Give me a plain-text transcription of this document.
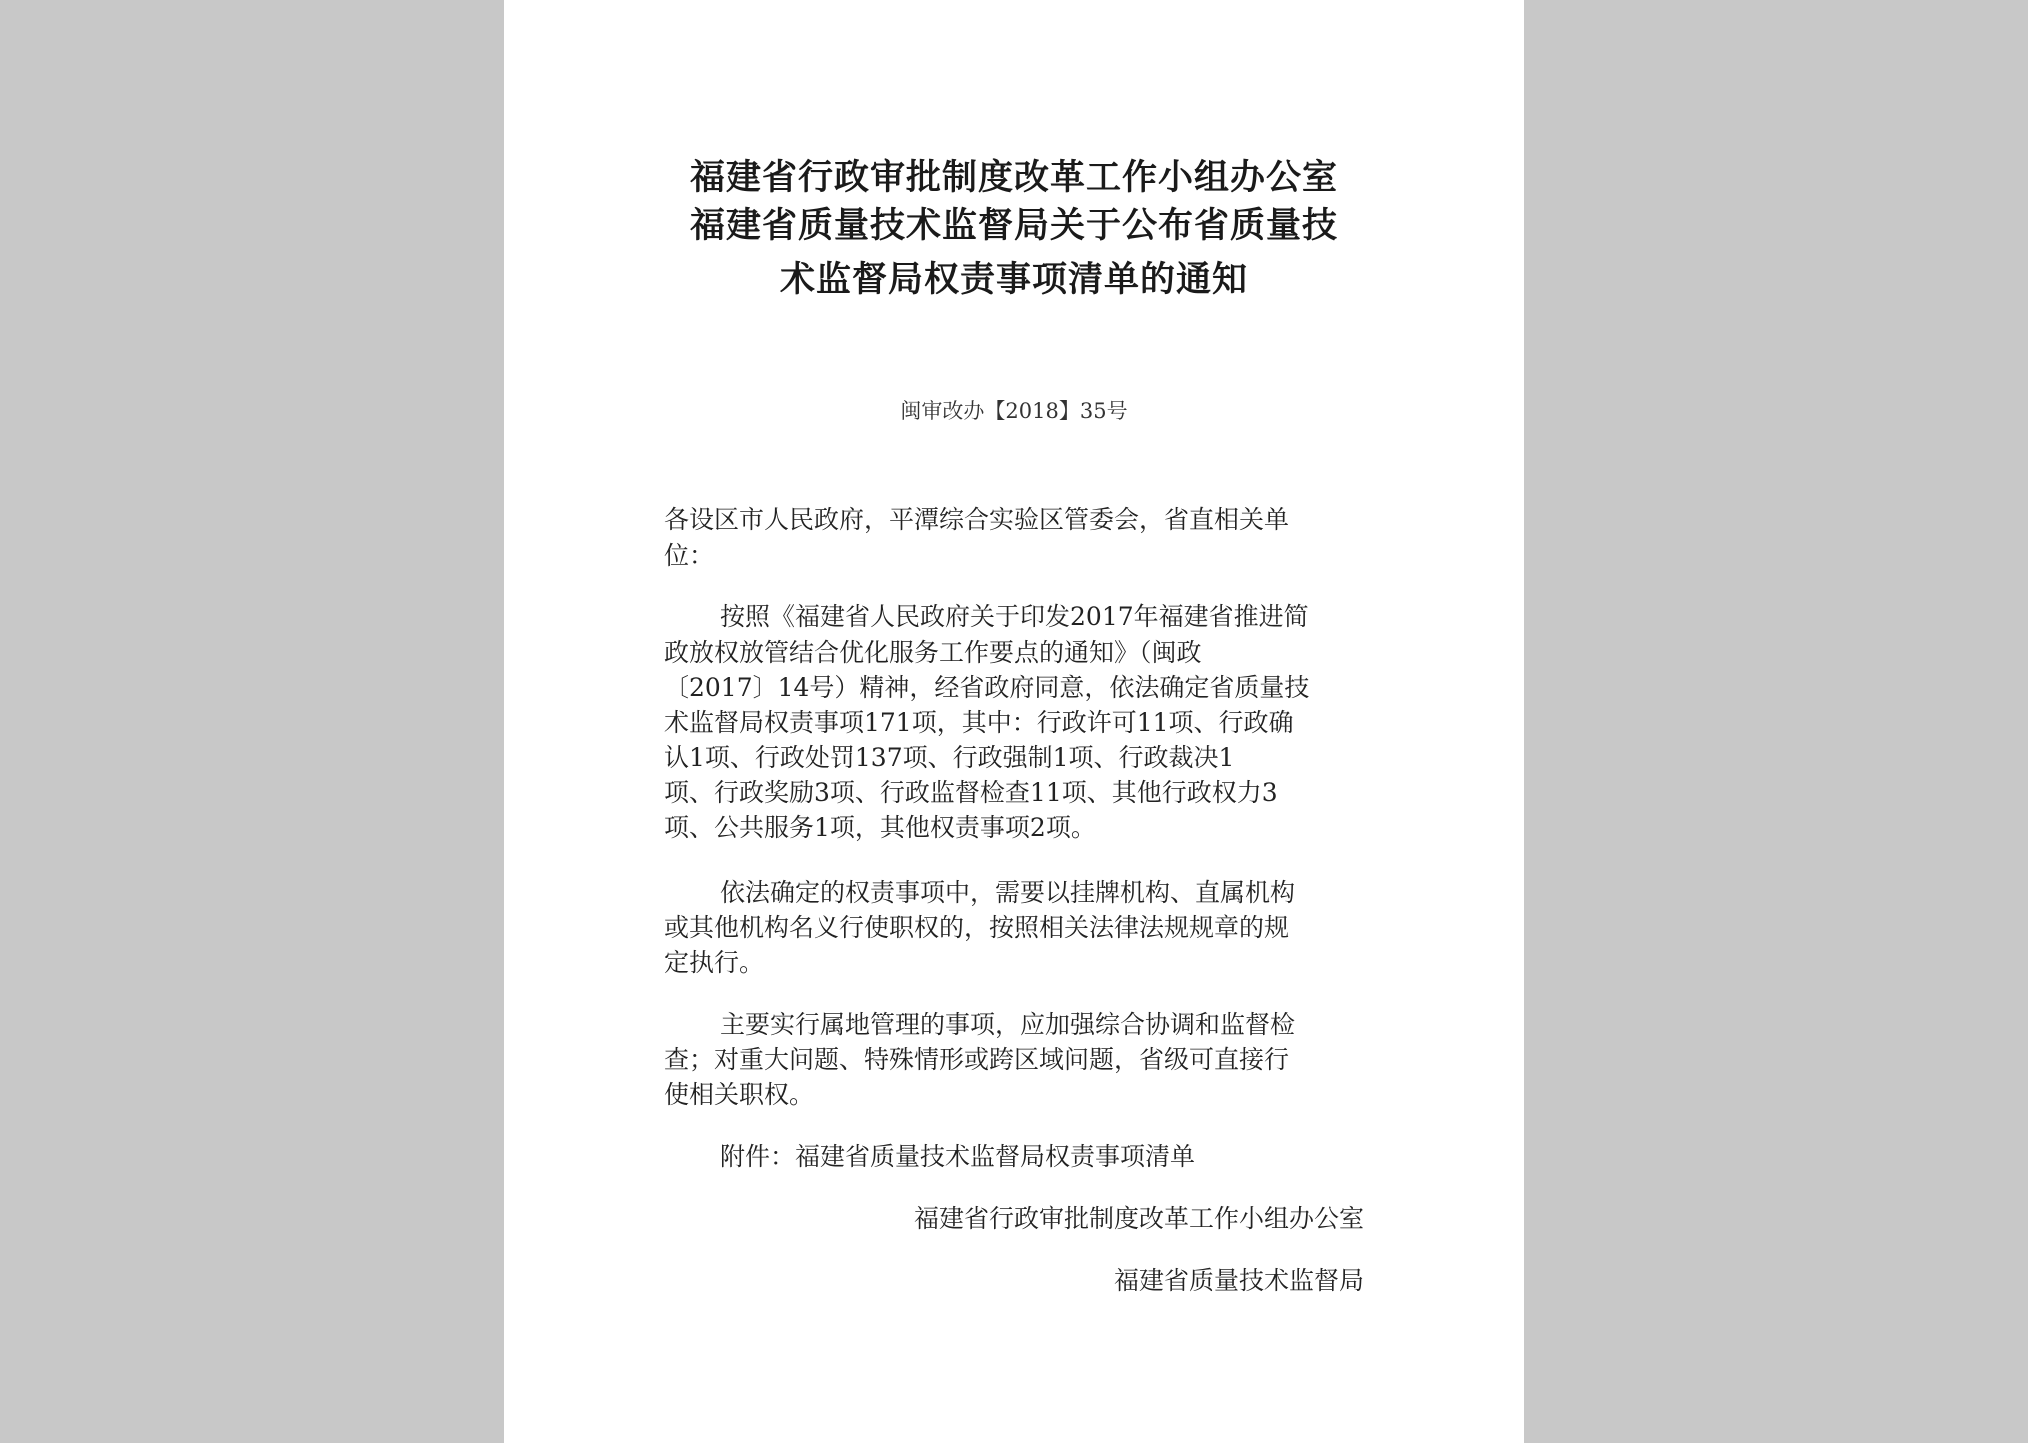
福建省行政审批制度改革工作小组办公室
福建省质量技术监督局关于公布省质量技
术监督局权责事项清单的通知
闽审改办【2018】35号
各设区市人民政府，平潭综合实验区管委会，省直相关单
位：
按照《福建省人民政府关于印发2017年福建省推进简
政放权放管结合优化服务工作要点的通知》（闽政
〔2017〕14号）精神，经省政府同意，依法确定省质量技
术监督局权责事项171项，其中：行政许可11项、行政确
认1项、行政处罚137项、行政强制1项、行政裁决1
项、行政奖励3项、行政监督检查11项、其他行政权力3
项、公共服务1项，其他权责事项2项。
依法确定的权责事项中，需要以挂牌机构、直属机构
或其他机构名义行使职权的，按照相关法律法规规章的规
定执行。
主要实行属地管理的事项，应加强综合协调和监督检
查；对重大问题、特殊情形或跨区域问题，省级可直接行
使相关职权。
附件：福建省质量技术监督局权责事项清单
福建省行政审批制度改革工作小组办公室
福建省质量技术监督局
